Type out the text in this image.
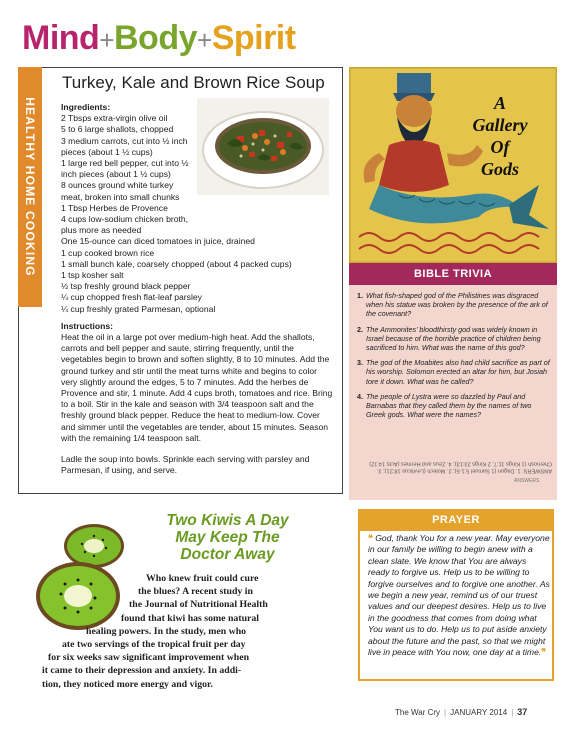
Mind+Body+Spirit
HEALTHY HOME COOKING
Turkey, Kale and Brown Rice Soup
Ingredients:
2 Tbsps extra-virgin olive oil
5 to 6 large shallots, chopped
3 medium carrots, cut into ½ inch
pieces (about 1 ½ cups)
1 large red bell pepper, cut into ½
inch pieces (about 1 ½ cups)
8 ounces ground white turkey
meat, broken into small chunks
1 Tbsp Herbes de Provence
4 cups low-sodium chicken broth,
plus more as needed
One 15-ounce can diced tomatoes in juice, drained
1 cup cooked brown rice
1 small bunch kale, coarsely chopped (about 4 packed cups)
1 tsp kosher salt
½ tsp freshly ground black pepper
¼ cup chopped fresh flat-leaf parsley
¼ cup freshly grated Parmesan, optional
Instructions:

Heat the oil in a large pot over medium-high heat. Add the shallots, carrots and bell pepper and saute, stirring frequently, until the vegetables begin to brown and soften slightly, 8 to 10 minutes. Add the ground turkey and stir until the meat turns white and begins to color very slightly around the edges, 5 to 7 minutes. Add the herbes de Provence and stir, 1 minute. Add 4 cups broth, tomatoes and rice. Bring to a boil. Stir in the kale and season with 3/4 teaspoon salt and the freshly ground black pepper. Reduce the heat to medium-low. Cover and simmer until the vegetables are tender, about 15 minutes. Season with the remaining 1/4 teaspoon salt.

Ladle the soup into bowls. Sprinkle each serving with parsley and Parmesan, if using, and serve.

A
Gallery
Of
Gods
BIBLE TRIVIA
1. What fish-shaped god of the Philistines was disgraced when his statue was broken by the presence of the ark of the covenant?
2. The Ammonites' bloodthirsty god was widely known in Israel because of the horrible practice of children being sacrificed to him. What was the name of this god?
3. The god of the Moabites also had child sacrifice as part of his worship. Solomon erected an altar for him, but Josiah tore it down. What was he called?
4. The people of Lystra were so dazzled by Paul and Barnabas that they called them by the names of two Greek gods. What were the names?
ANSWERS: 1. Dagon (1 Samuel 5:1-5); 2. Molech (Leviticus 18:21); 3. Chemosh (1 Kings 11:7, 2 Kings 23:13); 4. Zeus and Hermes (Acts 14:12)
ANSWERS
PRAYER
❝ God, thank You for a new year. May everyone in our family be willing to begin anew with a clean slate. We know that You are always ready to forgive us. Help us to be willing to forgive ourselves and to forgive one another. As we begin a new year, remind us of our truest values and our deepest desires. Help us to live in the goodness that comes from doing what You want us to do. Help us to put aside anxiety about the future and the past, so that we might live in peace with You now, one day at a time.❞
Two Kiwis A Day
May Keep The
Doctor Away
Who knew fruit could cure
the blues? A recent study in
the Journal of Nutritional Health
found that kiwi has some natural
healing powers. In the study, men who
ate two servings of the tropical fruit per day
for six weeks saw significant improvement when
it came to their depression and anxiety. In addi-
tion, they noticed more energy and vigor.
The War Cry | JANUARY 2014 | 37
